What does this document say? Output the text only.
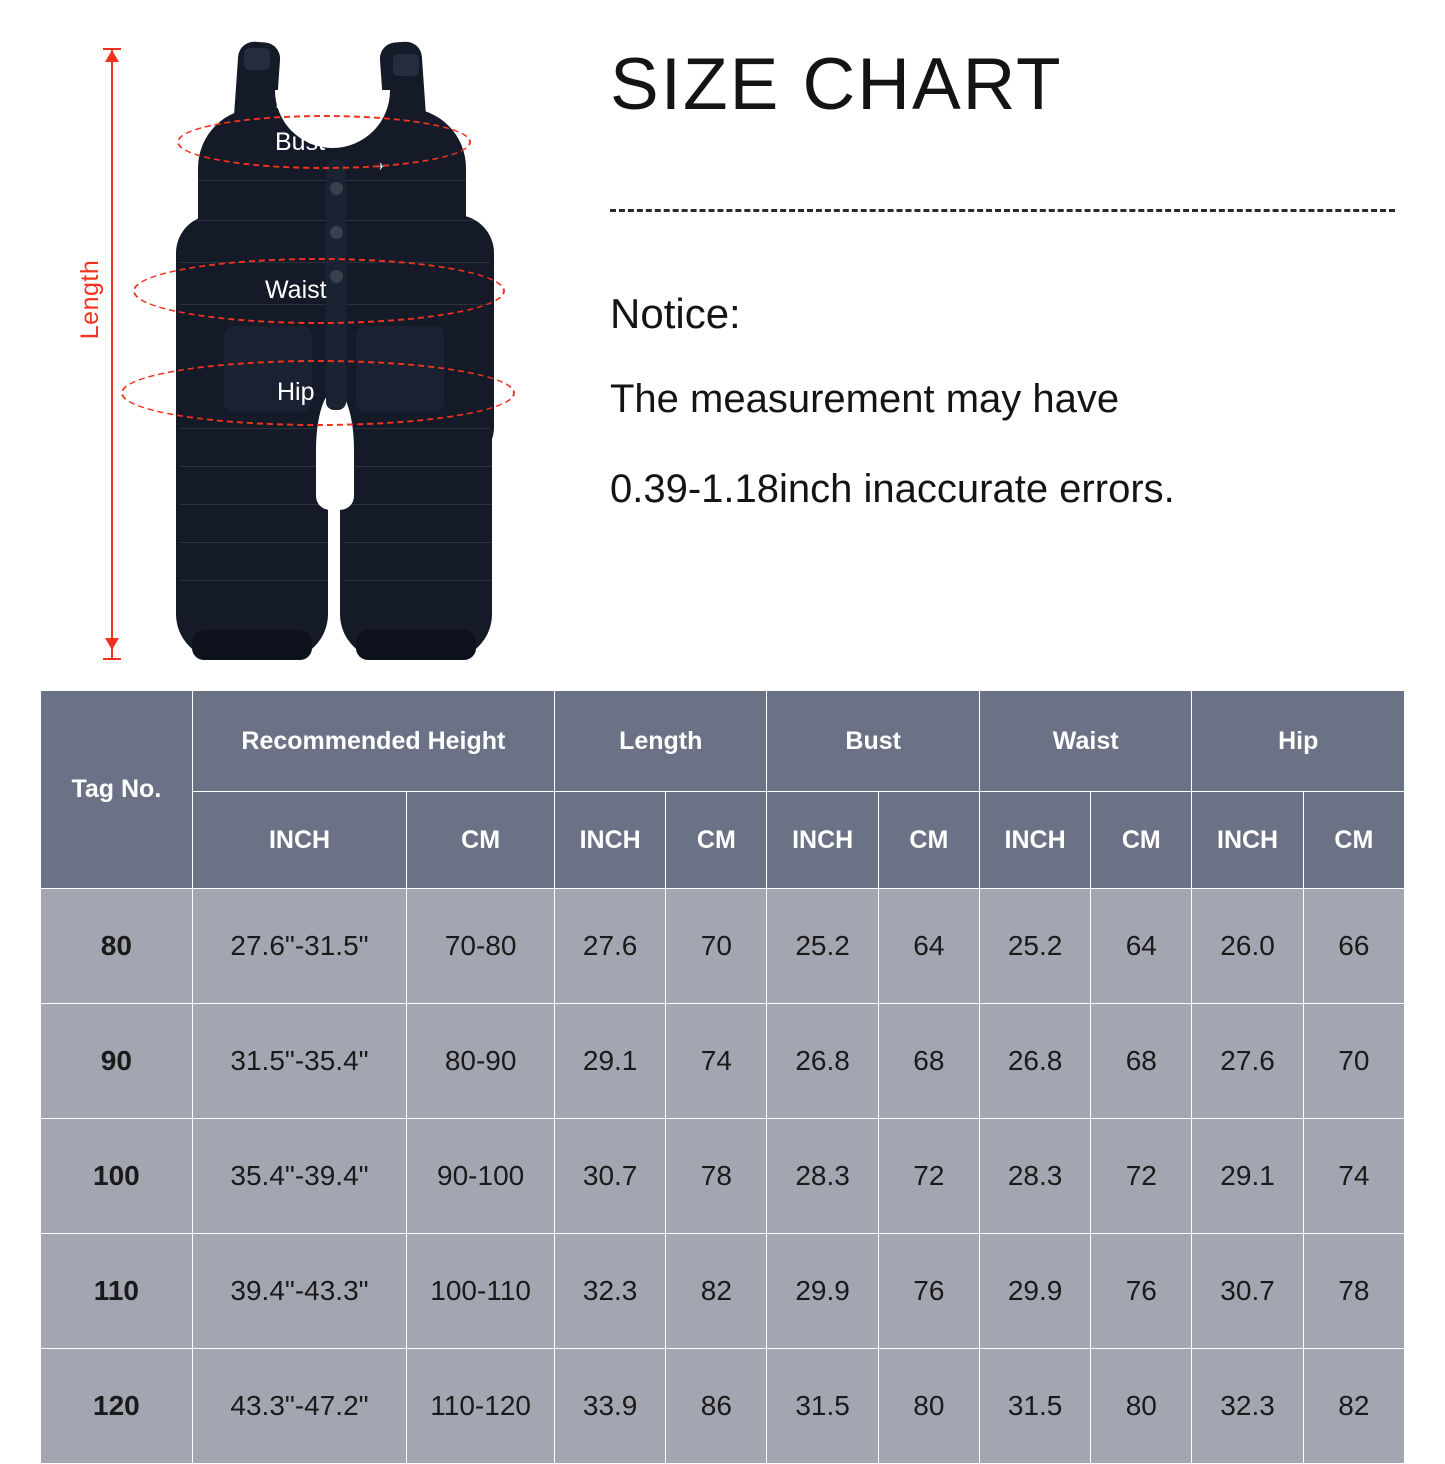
Length
✈
Bust
Waist
Hip
SIZE CHART
Notice:
The measurement may have
0.39-1.18inch inaccurate errors.
Tag No.	Recommended Height		Length		Bust		Waist		Hip	
	INCH	CM	INCH	CM	INCH	CM	INCH	CM	INCH	CM
80	27.6"-31.5"	70-80	27.6	70	25.2	64	25.2	64	26.0	66
90	31.5"-35.4"	80-90	29.1	74	26.8	68	26.8	68	27.6	70
100	35.4"-39.4"	90-100	30.7	78	28.3	72	28.3	72	29.1	74
110	39.4"-43.3"	100-110	32.3	82	29.9	76	29.9	76	30.7	78
120	43.3"-47.2"	110-120	33.9	86	31.5	80	31.5	80	32.3	82
